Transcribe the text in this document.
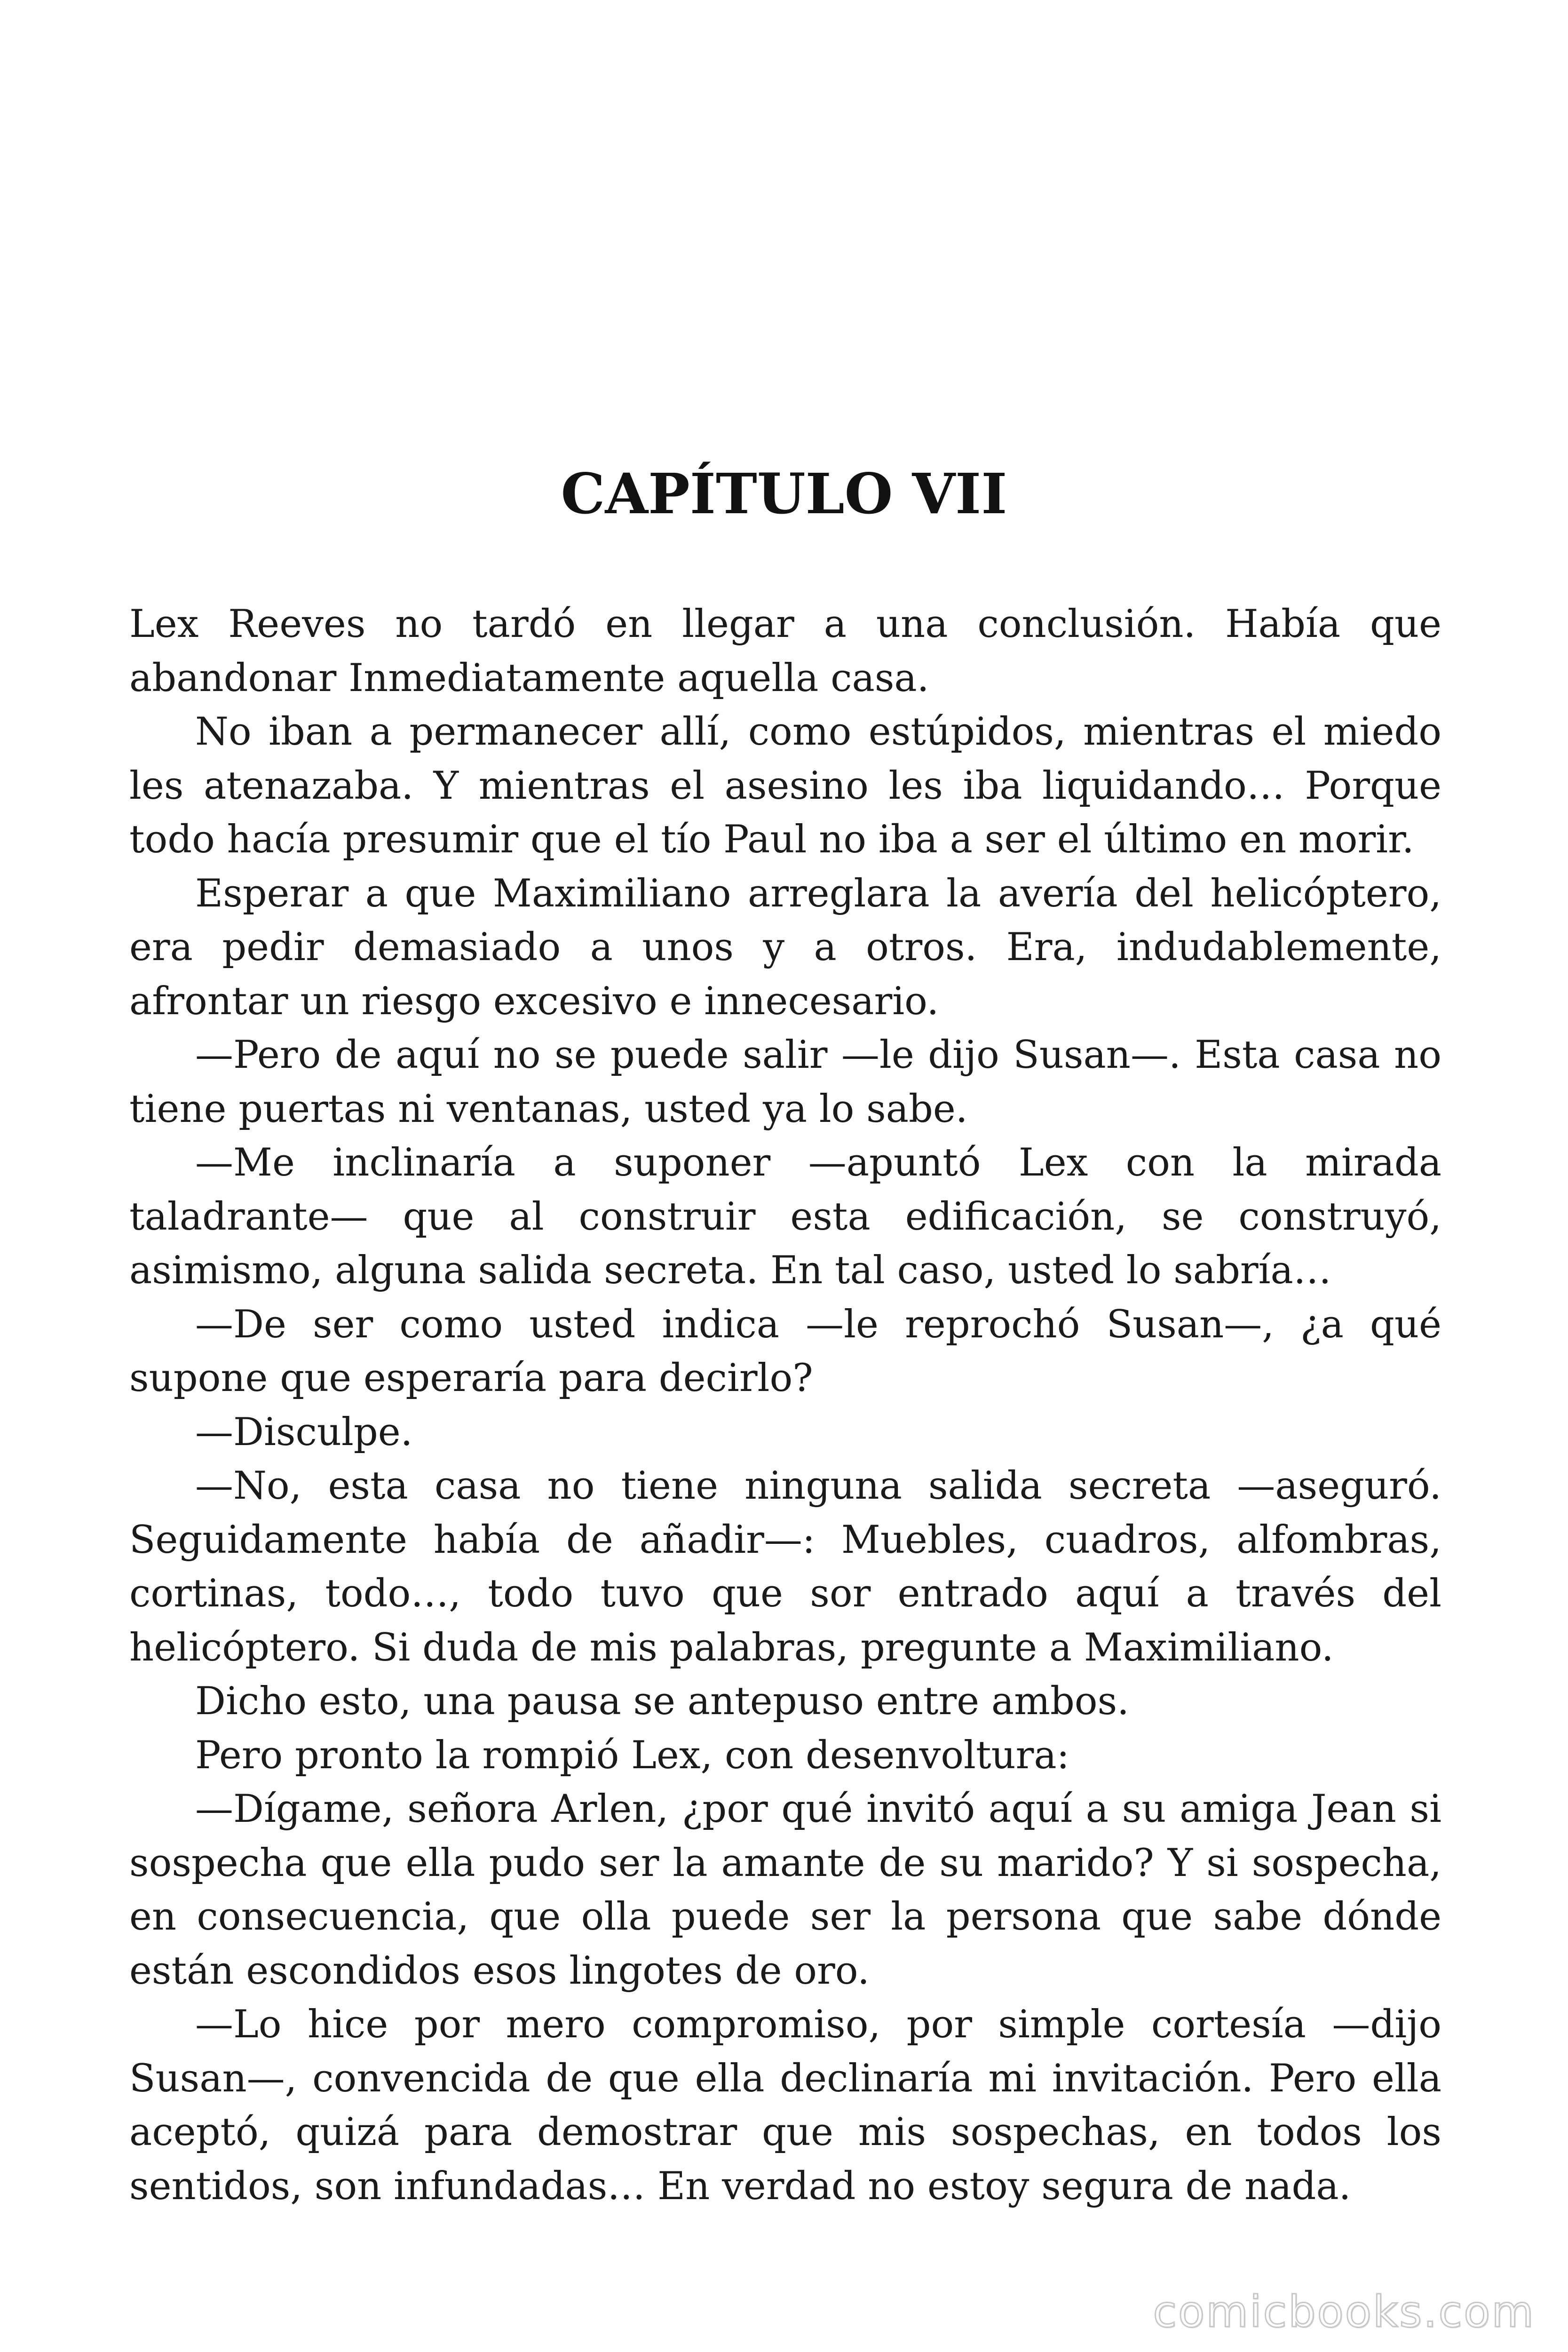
CAPÍTULO VII

Lex Reeves no tardó en llegar a una conclusión. Había que abandonar Inmediatamente aquella casa.

No iban a permanecer allí, como estúpidos, mientras el miedo les atenazaba. Y mientras el asesino les iba liquidando… Porque todo hacía presumir que el tío Paul no iba a ser el último en morir.

Esperar a que Maximiliano arreglara la avería del helicóptero, era pedir demasiado a unos y a otros. Era, indudablemente, afrontar un riesgo excesivo e innecesario.

—Pero de aquí no se puede salir —le dijo Susan—. Esta casa no tiene puertas ni ventanas, usted ya lo sabe.

—Me inclinaría a suponer —apuntó Lex con la mirada taladrante— que al construir esta edificación, se construyó, asimismo, alguna salida secreta. En tal caso, usted lo sabría…

—De ser como usted indica —le reprochó Susan—, ¿a qué supone que esperaría para decirlo?

—Disculpe.

—No, esta casa no tiene ninguna salida secreta —aseguró. Seguidamente había de añadir—: Muebles, cuadros, alfombras, cortinas, todo…, todo tuvo que sor entrado aquí a través del helicóptero. Si duda de mis palabras, pregunte a Maximiliano.

Dicho esto, una pausa se antepuso entre ambos.

Pero pronto la rompió Lex, con desenvoltura:

—Dígame, señora Arlen, ¿por qué invitó aquí a su amiga Jean si sospecha que ella pudo ser la amante de su marido? Y si sospecha, en consecuencia, que olla puede ser la persona que sabe dónde están escondidos esos lingotes de oro.

—Lo hice por mero compromiso, por simple cortesía —dijo Susan—, convencida de que ella declinaría mi invitación. Pero ella aceptó, quizá para demostrar que mis sospechas, en todos los sentidos, son infundadas… En verdad no estoy segura de nada.

comicbooks.com
